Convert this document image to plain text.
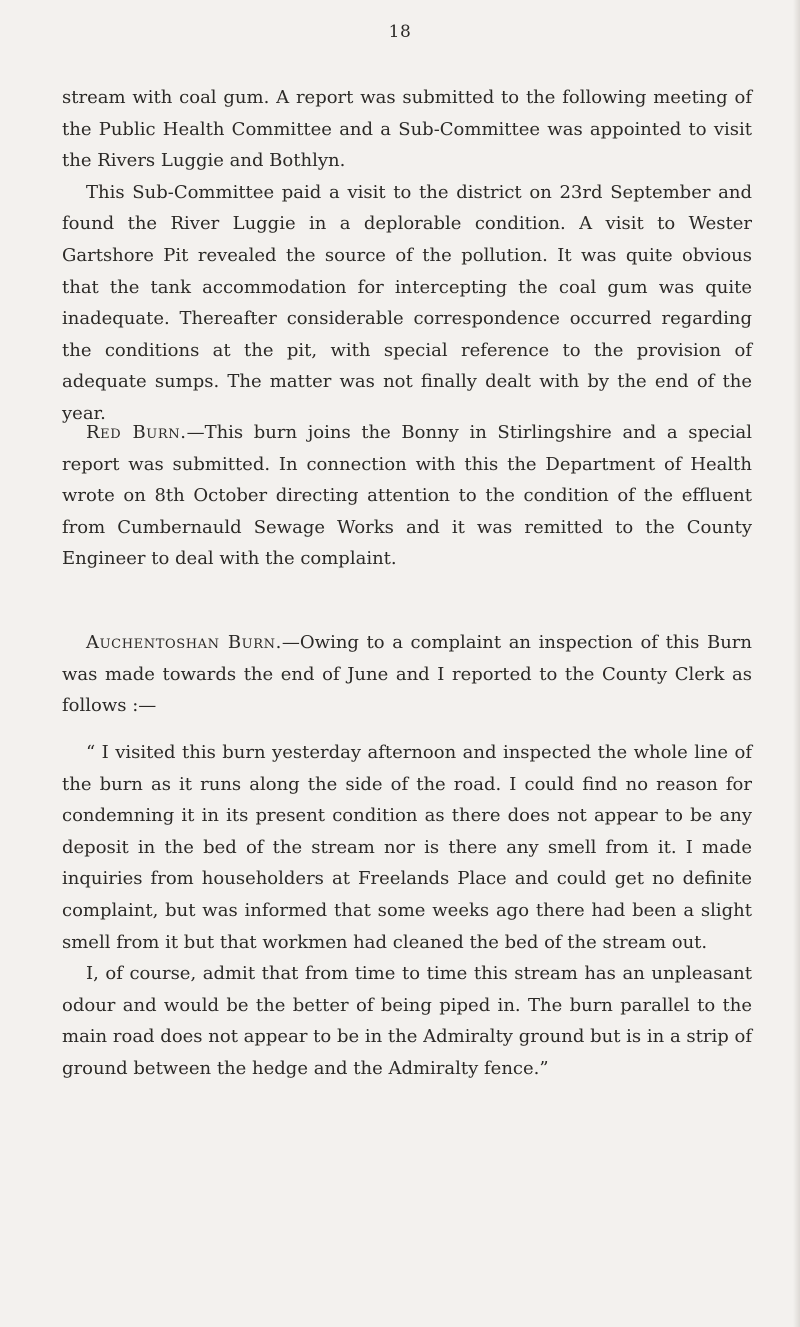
18

stream with coal gum. A report was submitted to the following meeting of the Public Health Committee and a Sub-Committee was appointed to visit the Rivers Luggie and Bothlyn.

This Sub-Committee paid a visit to the district on 23rd September and found the River Luggie in a deplorable condition. A visit to Wester Gartshore Pit revealed the source of the pollution. It was quite obvious that the tank accommodation for intercepting the coal gum was quite inadequate. Thereafter considerable correspondence occurred regarding the conditions at the pit, with special reference to the provision of adequate sumps. The matter was not finally dealt with by the end of the year.

Red Burn.—This burn joins the Bonny in Stirlingshire and a special report was submitted. In connection with this the Department of Health wrote on 8th October directing attention to the condition of the effluent from Cumbernauld Sewage Works and it was remitted to the County Engineer to deal with the complaint.

Auchentoshan Burn.—Owing to a complaint an inspection of this Burn was made towards the end of June and I reported to the County Clerk as follows :—

“ I visited this burn yesterday afternoon and inspected the whole line of the burn as it runs along the side of the road. I could find no reason for condemning it in its present condition as there does not appear to be any deposit in the bed of the stream nor is there any smell from it. I made inquiries from householders at Freelands Place and could get no definite complaint, but was informed that some weeks ago there had been a slight smell from it but that workmen had cleaned the bed of the stream out.

I, of course, admit that from time to time this stream has an unpleasant odour and would be the better of being piped in. The burn parallel to the main road does not appear to be in the Admiralty ground but is in a strip of ground between the hedge and the Admiralty fence.”
